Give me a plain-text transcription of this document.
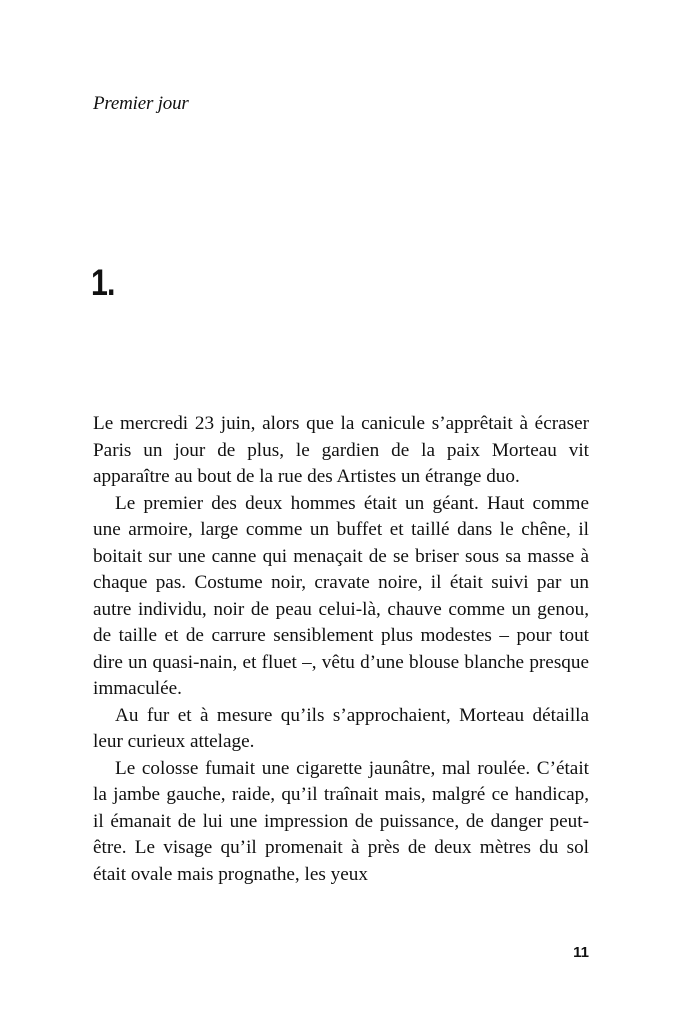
Premier jour
1.

Le mercredi 23 juin, alors que la canicule s’apprêtait à écraser Paris un jour de plus, le gardien de la paix Morteau vit apparaître au bout de la rue des Artistes un étrange duo.

Le premier des deux hommes était un géant. Haut comme une armoire, large comme un buffet et taillé dans le chêne, il boitait sur une canne qui menaçait de se briser sous sa masse à chaque pas. Costume noir, cravate noire, il était suivi par un autre individu, noir de peau celui-là, chauve comme un genou, de taille et de carrure sensiblement plus modestes – pour tout dire un quasi-nain, et fluet –, vêtu d’une blouse blanche presque immaculée.

Au fur et à mesure qu’ils s’approchaient, Morteau détailla leur curieux attelage.

Le colosse fumait une cigarette jaunâtre, mal roulée. C’était la jambe gauche, raide, qu’il traînait mais, malgré ce handicap, il émanait de lui une impression de puissance, de danger peut-être. Le visage qu’il promenait à près de deux mètres du sol était ovale mais prognathe, les yeux

11
